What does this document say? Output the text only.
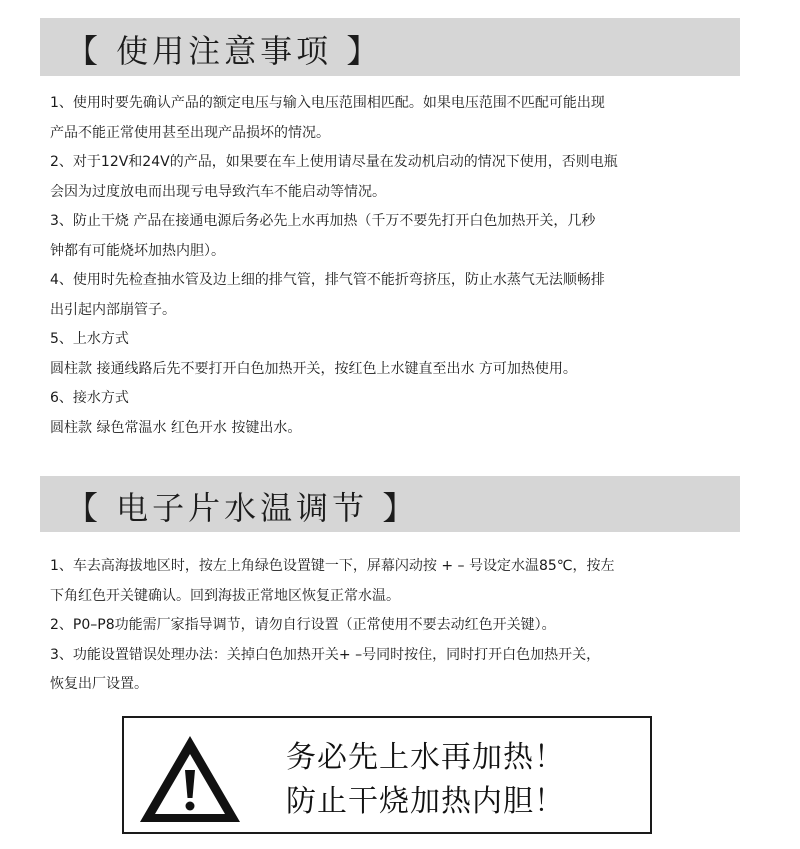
【 使用注意事项 】
1、使用时要先确认产品的额定电压与输入电压范围相匹配。如果电压范围不匹配可能出现
产品不能正常使用甚至出现产品损坏的情况。
2、对于12V和24V的产品，如果要在车上使用请尽量在发动机启动的情况下使用，否则电瓶
会因为过度放电而出现亏电导致汽车不能启动等情况。
3、防止干烧 产品在接通电源后务必先上水再加热（千万不要先打开白色加热开关，几秒
钟都有可能烧坏加热内胆）。
4、使用时先检查抽水管及边上细的排气管，排气管不能折弯挤压，防止水蒸气无法顺畅排
出引起内部崩管子。
5、上水方式
圆柱款 接通线路后先不要打开白色加热开关，按红色上水键直至出水 方可加热使用。
6、接水方式
圆柱款 绿色常温水 红色开水 按键出水。
【 电子片水温调节 】
1、车去高海拔地区时，按左上角绿色设置键一下，屏幕闪动按 + – 号设定水温85℃，按左
下角红色开关键确认。回到海拔正常地区恢复正常水温。
2、P0–P8功能需厂家指导调节，请勿自行设置（正常使用不要去动红色开关键）。
3、功能设置错误处理办法：关掉白色加热开关+ –号同时按住，同时打开白色加热开关，
恢复出厂设置。
务必先上水再加热！
防止干烧加热内胆！
